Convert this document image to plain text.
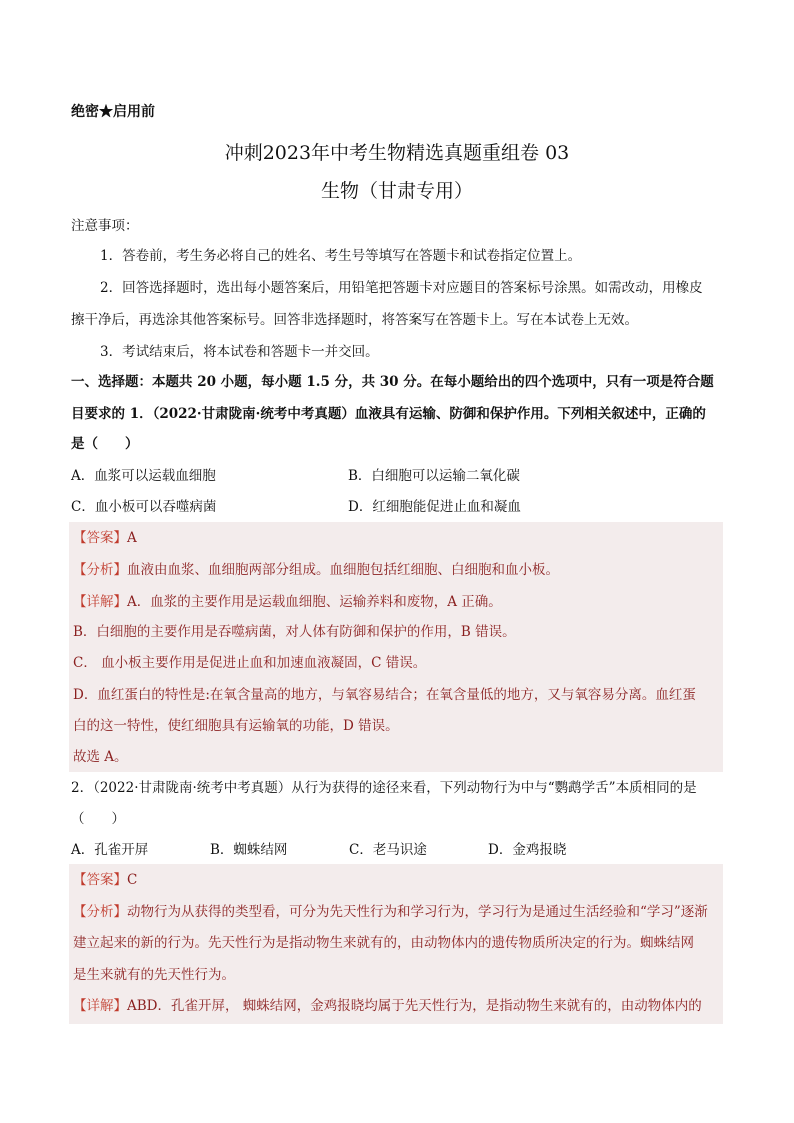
绝密★启用前
冲刺2023年中考生物精选真题重组卷 03
生物（甘肃专用）
注意事项：
1．答卷前，考生务必将自己的姓名、考生号等填写在答题卡和试卷指定位置上。
2．回答选择题时，选出每小题答案后，用铅笔把答题卡对应题目的答案标号涂黑。如需改动，用橡皮
擦干净后，再选涂其他答案标号。回答非选择题时，将答案写在答题卡上。写在本试卷上无效。
3．考试结束后，将本试卷和答题卡一并交回。
一、选择题：本题共 20 小题，每小题 1.5 分，共 30 分。在每小题给出的四个选项中，只有一项是符合题
目要求的 1．（2022·甘肃陇南·统考中考真题）血液具有运输、防御和保护作用。下列相关叙述中，正确的
是（　　）
A．血浆可以运载血细胞	B．白细胞可以运输二氧化碳
C．血小板可以吞噬病菌	D．红细胞能促进止血和凝血
【答案】A
【分析】血液由血浆、血细胞两部分组成。血细胞包括红细胞、白细胞和血小板。
【详解】A．血浆的主要作用是运载血细胞、运输养料和废物，A 正确。
B．白细胞的主要作用是吞噬病菌，对人体有防御和保护的作用，B 错误。
C． 血小板主要作用是促进止血和加速血液凝固，C 错误。
D．血红蛋白的特性是:在氧含量高的地方，与氧容易结合；在氧含量低的地方，又与氧容易分离。血红蛋
白的这一特性，使红细胞具有运输氧的功能，D 错误。
故选 A。
2．（2022·甘肃陇南·统考中考真题）从行为获得的途径来看，下列动物行为中与“鹦鹉学舌”本质相同的是
（　　）
A．孔雀开屏	B．蜘蛛结网	C．老马识途	D．金鸡报晓
【答案】C
【分析】动物行为从获得的类型看，可分为先天性行为和学习行为，学习行为是通过生活经验和“学习”逐渐
建立起来的新的行为。先天性行为是指动物生来就有的，由动物体内的遗传物质所决定的行为。蜘蛛结网
是生来就有的先天性行为。
【详解】ABD．孔雀开屏， 蜘蛛结网，金鸡报晓均属于先天性行为，是指动物生来就有的，由动物体内的
